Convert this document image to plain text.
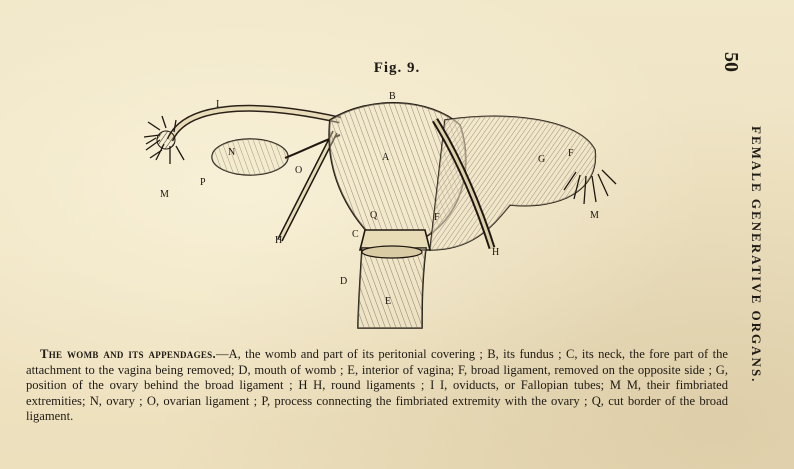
Fig. 9.	50
FEMALE GENERATIVE ORGANS.
I
B
N
O
P
M
A	G
F
F	M
Q
C
H
H
D
E

The womb and its appendages.—A, the womb and part of its peritonial covering ; B, its fundus ; C, its neck, the fore part of the attachment to the vagina being removed; D, mouth of womb ; E, interior of vagina; F, broad ligament, removed on the opposite side ; G, position of the ovary behind the broad ligament ; H H, round ligaments ; I I, oviducts, or Fallopian tubes; M M, their fimbriated extremities; N, ovary ; O, ovarian ligament ; P, process connecting the fimbriated extremity with the ovary ; Q, cut border of the broad ligament.
